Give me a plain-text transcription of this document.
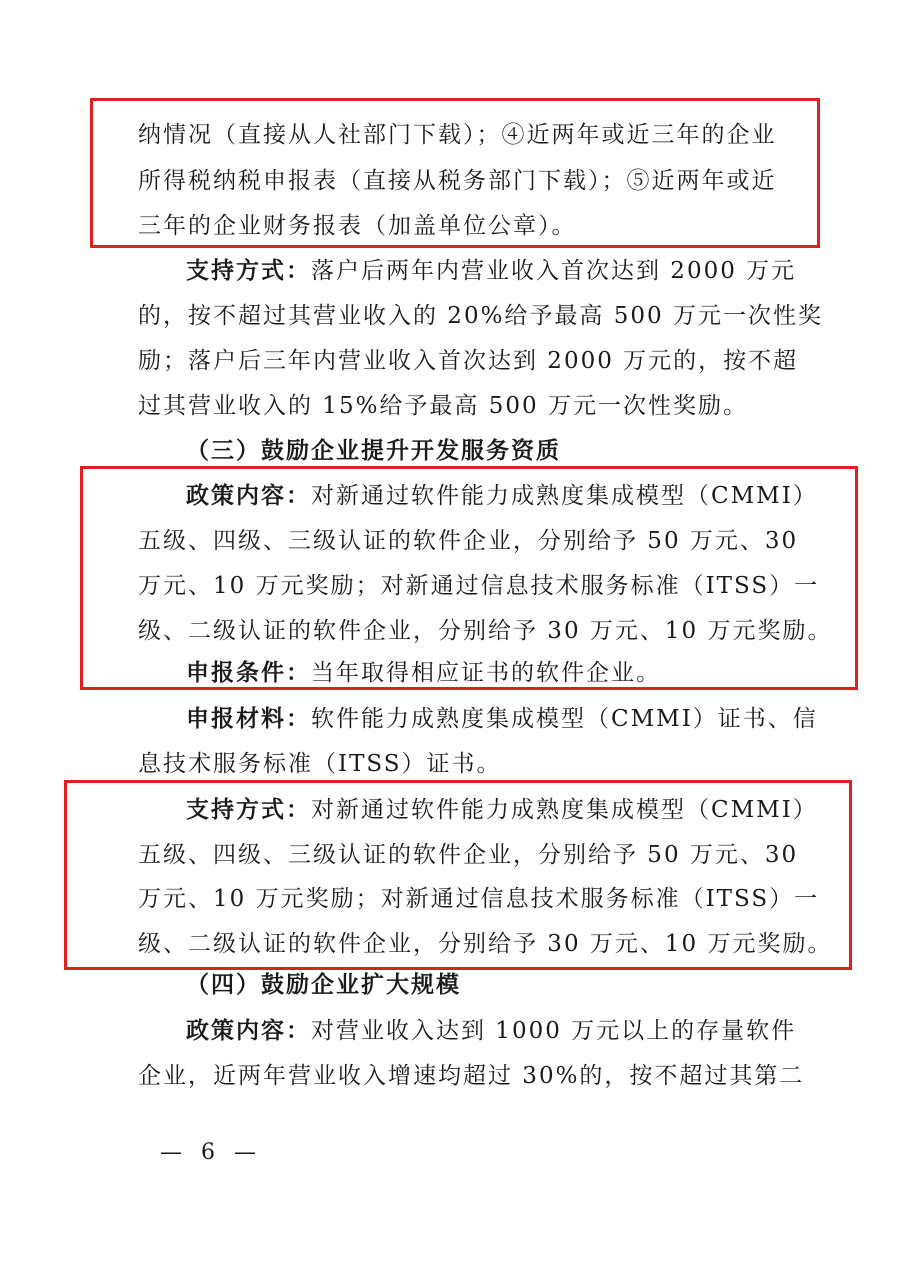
纳情况（直接从人社部门下载）；④近两年或近三年的企业
所得税纳税申报表（直接从税务部门下载）；⑤近两年或近
三年的企业财务报表（加盖单位公章）。
支持方式：落户后两年内营业收入首次达到 2000 万元
的，按不超过其营业收入的 20%给予最高 500 万元一次性奖
励；落户后三年内营业收入首次达到 2000 万元的，按不超
过其营业收入的 15%给予最高 500 万元一次性奖励。
（三）鼓励企业提升开发服务资质
政策内容：对新通过软件能力成熟度集成模型（CMMI）
五级、四级、三级认证的软件企业，分别给予 50 万元、30
万元、10 万元奖励；对新通过信息技术服务标准（ITSS）一
级、二级认证的软件企业，分别给予 30 万元、10 万元奖励。
申报条件：当年取得相应证书的软件企业。
申报材料：软件能力成熟度集成模型（CMMI）证书、信
息技术服务标准（ITSS）证书。
支持方式：对新通过软件能力成熟度集成模型（CMMI）
五级、四级、三级认证的软件企业，分别给予 50 万元、30
万元、10 万元奖励；对新通过信息技术服务标准（ITSS）一
级、二级认证的软件企业，分别给予 30 万元、10 万元奖励。
（四）鼓励企业扩大规模
政策内容：对营业收入达到 1000 万元以上的存量软件
企业，近两年营业收入增速均超过 30%的，按不超过其第二
— 6 —
